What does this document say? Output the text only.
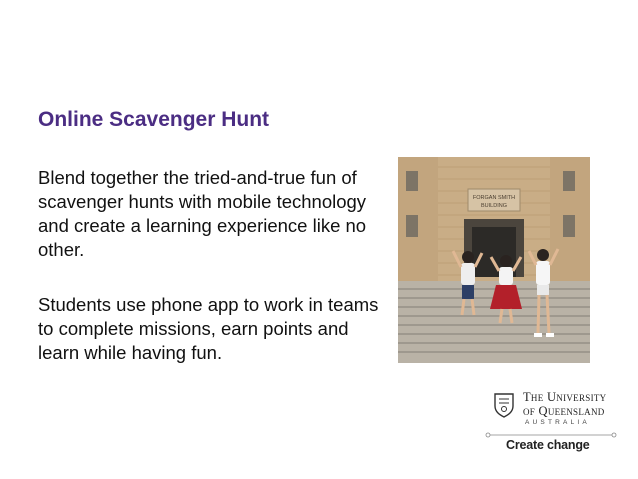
Online Scavenger Hunt
Blend together the tried-and-true fun of scavenger hunts with mobile technology and create a learning experience like no other.
Students use phone app to work in teams to complete missions, earn points and learn while having fun.
FORGAN SMITH
BUILDING
The University
of Queensland
AUSTRALIA
Create change
